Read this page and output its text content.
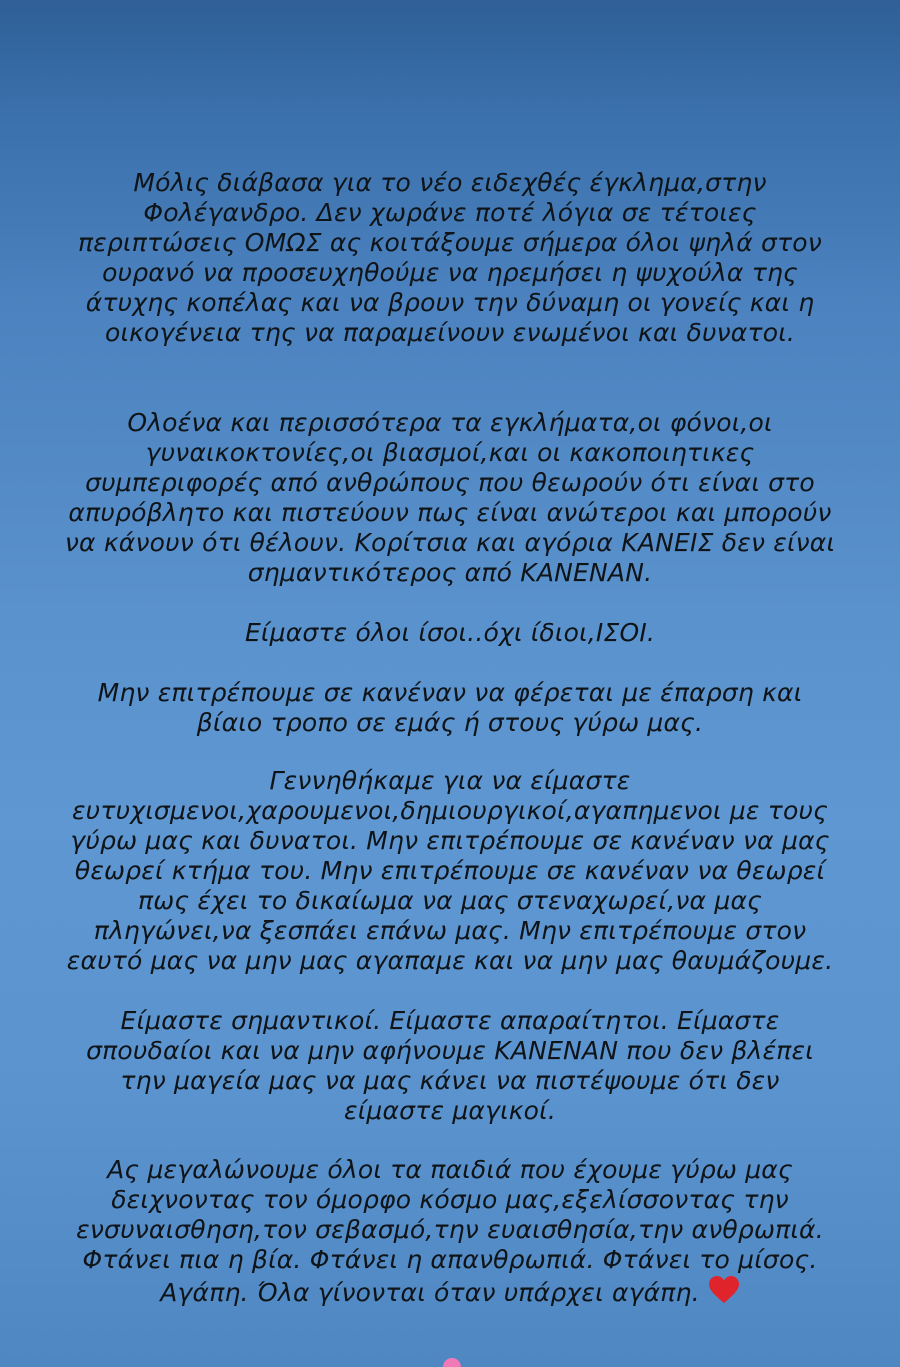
Μόλις διάβασα για το νέο ειδεχθές έγκλημα,στην
Φολέγανδρο. Δεν χωράνε ποτέ λόγια σε τέτοιες
περιπτώσεις ΟΜΩΣ ας κοιτάξουμε σήμερα όλοι ψηλά στον
ουρανό να προσευχηθούμε να ηρεμήσει η ψυχούλα της
άτυχης κοπέλας και να βρουν την δύναμη οι γονείς και η
οικογένεια της να παραμείνουν ενωμένοι και δυνατοι.

Ολοένα και περισσότερα τα εγκλήματα,οι φόνοι,οι
γυναικοκτονίες,οι βιασμοί,και οι κακοποιητικες
συμπεριφορές από ανθρώπους που θεωρούν ότι είναι στο
απυρόβλητο και πιστεύουν πως είναι ανώτεροι και μπορούν
να κάνουν ότι θέλουν. Κορίτσια και αγόρια ΚΑΝΕΙΣ δεν είναι
σημαντικότερος από ΚΑΝΕΝΑΝ.

Είμαστε όλοι ίσοι..όχι ίδιοι,ΙΣΟΙ.

Μην επιτρέπουμε σε κανέναν να φέρεται με έπαρση και
βίαιο τροπο σε εμάς ή στους γύρω μας.

Γεννηθήκαμε για να είμαστε
ευτυχισμενοι,χαρουμενοι,δημιουργικοί,αγαπημενοι με τους
γύρω μας και δυνατοι. Μην επιτρέπουμε σε κανέναν να μας
θεωρεί κτήμα του. Μην επιτρέπουμε σε κανέναν να θεωρεί
πως έχει το δικαίωμα να μας στεναχωρεί,να μας
πληγώνει,να ξεσπάει επάνω μας. Μην επιτρέπουμε στον
εαυτό μας να μην μας αγαπαμε και να μην μας θαυμάζουμε.

Είμαστε σημαντικοί. Είμαστε απαραίτητοι. Είμαστε
σπουδαίοι και να μην αφήνουμε ΚΑΝΕΝΑΝ που δεν βλέπει
την μαγεία μας να μας κάνει να πιστέψουμε ότι δεν
είμαστε μαγικοί.

Ας μεγαλώνουμε όλοι τα παιδιά που έχουμε γύρω μας
δειχνοντας τον όμορφο κόσμο μας,εξελίσσοντας την
ενσυναισθηση,τον σεβασμό,την ευαισθησία,την ανθρωπιά.
Φτάνει πια η βία. Φτάνει η απανθρωπιά. Φτάνει το μίσος.
Αγάπη. Όλα γίνονται όταν υπάρχει αγάπη.
